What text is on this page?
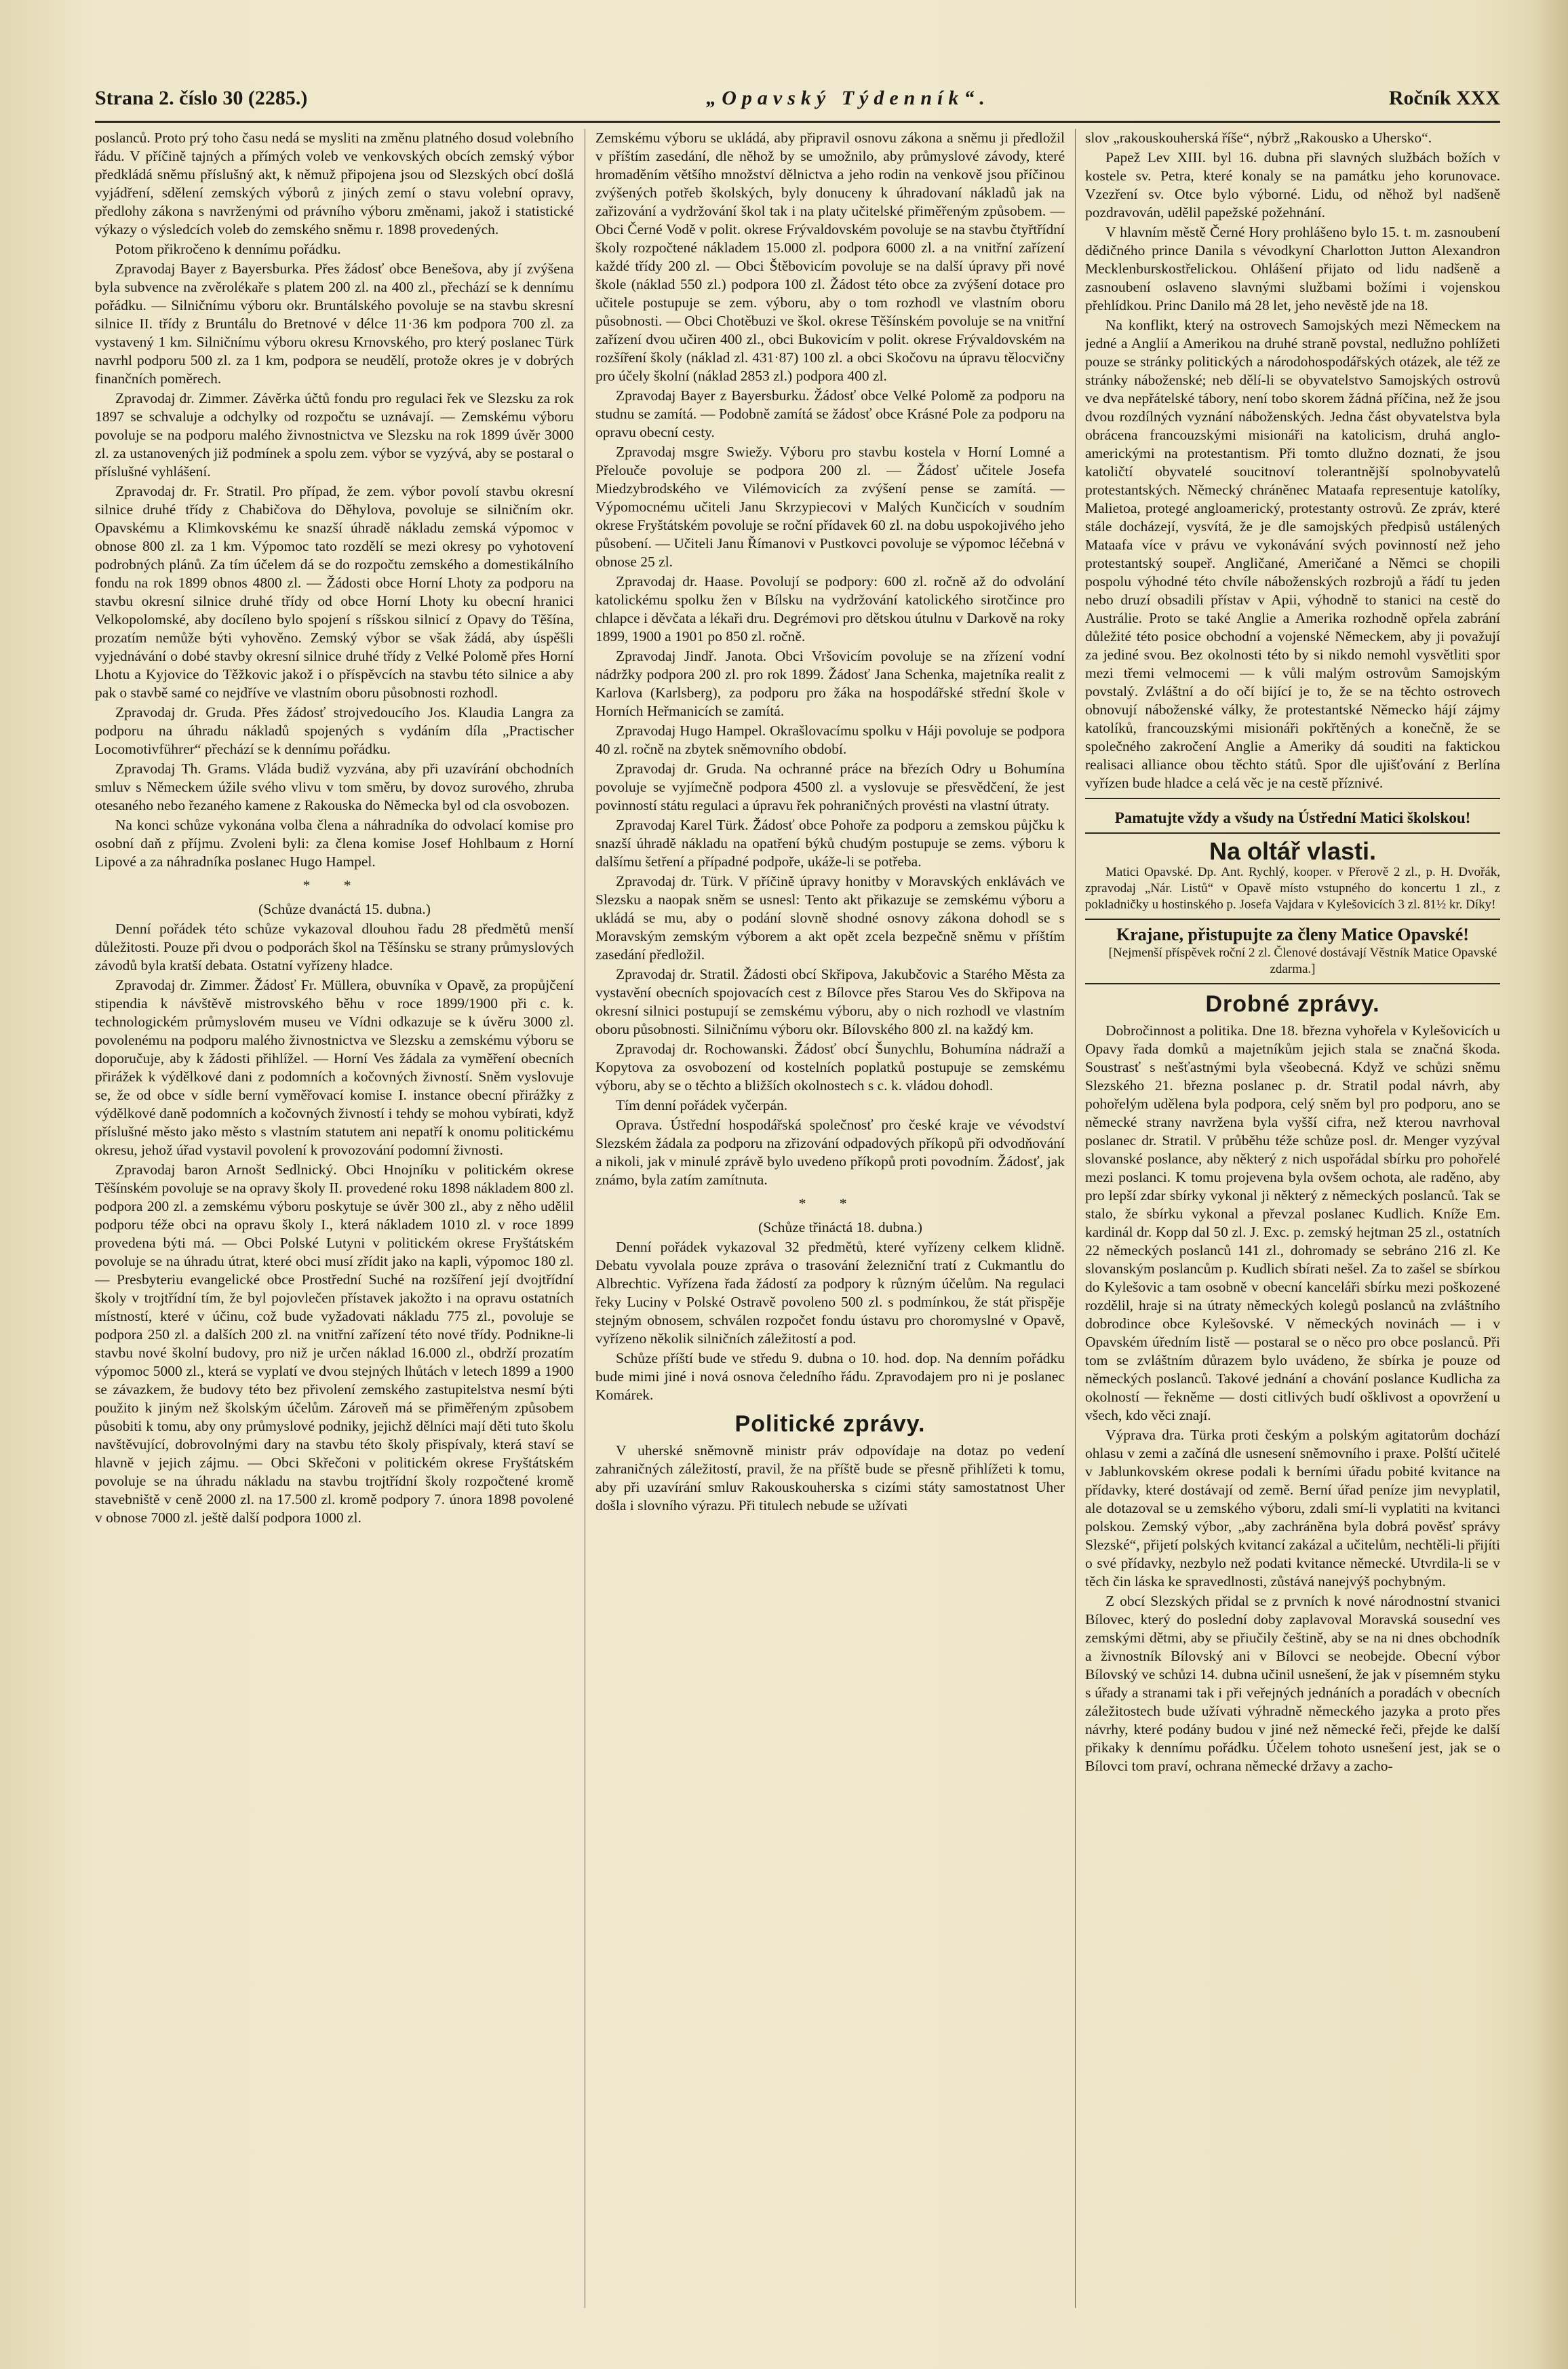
Strana 2. číslo 30 (2285.)	„Opavský Týdenník“.	Ročník XXX

poslanců. Proto prý toho času nedá se mysliti na změnu platného dosud volebního řádu. V příčině tajných a přímých voleb ve venkovských obcích zemský výbor předkládá sněmu příslušný akt, k němuž připojena jsou od Slezských obcí došlá vyjádření, sdělení zemských výborů z jiných zemí o stavu volební opravy, předlohy zákona s navrženými od právního výboru změnami, jakož i statistické výkazy o výsledcích voleb do zemského sněmu r. 1898 provedených.

Potom přikročeno k dennímu pořádku.

Zpravodaj Bayer z Bayersburka. Přes žádosť obce Benešova, aby jí zvýšena byla subvence na zvěrolékaře s platem 200 zl. na 400 zl., přechází se k dennímu pořádku. — Silničnímu výboru okr. Bruntálského povoluje se na stavbu skresní silnice II. třídy z Bruntálu do Bretnové v délce 11·36 km podpora 700 zl. za vystavený 1 km. Silničnímu výboru okresu Krnovského, pro který poslanec Türk navrhl podporu 500 zl. za 1 km, podpora se neudělí, protože okres je v dobrých finančních poměrech.

Zpravodaj dr. Zimmer. Závěrka účtů fondu pro regulaci řek ve Slezsku za rok 1897 se schvaluje a odchylky od rozpočtu se uznávají. — Zemskému výboru povoluje se na podporu malého živnostnictva ve Slezsku na rok 1899 úvěr 3000 zl. za ustanovených již podmínek a spolu zem. výbor se vyzývá, aby se postaral o příslušné vyhlášení.

Zpravodaj dr. Fr. Stratil. Pro případ, že zem. výbor povolí stavbu okresní silnice druhé třídy z Chabičova do Děhylova, povoluje se silničním okr. Opavskému a Klimkovskému ke snazší úhradě nákladu zemská výpomoc v obnose 800 zl. za 1 km. Výpomoc tato rozdělí se mezi okresy po vyhotovení podrobných plánů. Za tím účelem dá se do rozpočtu zemského a domestikálního fondu na rok 1899 obnos 4800 zl. — Žádosti obce Horní Lhoty za podporu na stavbu okresní silnice druhé třídy od obce Horní Lhoty ku obecní hranici Velkopolomské, aby docíleno bylo spojení s ríšskou silnicí z Opavy do Těšína, prozatím nemůže býti vyhověno. Zemský výbor se však žádá, aby úspěšli vyjednávání o dobé stavby okresní silnice druhé třídy z Velké Polomě přes Horní Lhotu a Kyjovice do Těžkovic jakož i o příspěvcích na stavbu této silnice a aby pak o stavbě samé co nejdříve ve vlastním oboru působnosti rozhodl.

Zpravodaj dr. Gruda. Přes žádosť strojvedoucího Jos. Klaudia Langra za podporu na úhradu nákladů spojených s vydáním díla „Practischer Locomotivführer“ přechází se k dennímu pořádku.

Zpravodaj Th. Grams. Vláda budiž vyzvána, aby při uzavírání obchodních smluv s Německem úžile svého vlivu v tom směru, by dovoz surového, zhruba otesaného nebo řezaného kamene z Rakouska do Německa byl od cla osvobozen.

Na konci schůze vykonána volba člena a náhradníka do odvolací komise pro osobní daň z příjmu. Zvoleni byli: za člena komise Josef Hohlbaum z Horní Lipové a za náhradníka poslanec Hugo Hampel.

* *

(Schůze dvanáctá 15. dubna.)

Denní pořádek této schůze vykazoval dlouhou řadu 28 předmětů menší důležitosti. Pouze při dvou o podporách škol na Těšínsku se strany průmyslových závodů byla kratší debata. Ostatní vyřízeny hladce.

Zpravodaj dr. Zimmer. Žádosť Fr. Müllera, obuvníka v Opavě, za propůjčení stipendia k návštěvě mistrovského běhu v roce 1899/1900 při c. k. technologickém průmyslovém museu ve Vídni odkazuje se k úvěru 3000 zl. povolenému na podporu malého živnostnictva ve Slezsku a zemskému výboru se doporučuje, aby k žádosti přihlížel. — Horní Ves žádala za vyměření obecních přirážek k výdělkové dani z podomních a kočovných živností. Sněm vyslovuje se, že od obce v sídle berní vyměřovací komise I. instance obecní přirážky z výdělkové daně podomních a kočovných živností i tehdy se mohou vybírati, když příslušné město jako město s vlastním statutem ani nepatří k onomu politickému okresu, jehož úřad vystavil povolení k provozování podomní živnosti.

Zpravodaj baron Arnošt Sedlnický. Obci Hnojníku v politickém okrese Těšínském povoluje se na opravy školy II. provedené roku 1898 nákladem 800 zl. podpora 200 zl. a zemskému výboru poskytuje se úvěr 300 zl., aby z něho udělil podporu téže obci na opravu školy I., která nákladem 1010 zl. v roce 1899 provedena býti má. — Obci Polské Lutyni v politickém okrese Fryštátském povoluje se na úhradu útrat, které obci musí zřídit jako na kapli, výpomoc 180 zl. — Presbyteriu evangelické obce Prostřední Suché na rozšíření její dvojtřídní školy v trojtřídní tím, že byl pojovlečen přístavek jakožto i na opravu ostatních místností, které v účinu, což bude vyžadovati nákladu 775 zl., povoluje se podpora 250 zl. a dalších 200 zl. na vnitřní zařízení této nové třídy. Podnikne-li stavbu nové školní budovy, pro niž je určen náklad 16.000 zl., obdrží prozatím výpomoc 5000 zl., která se vyplatí ve dvou stejných lhůtách v letech 1899 a 1900 se závazkem, že budovy této bez přivolení zemského zastupitelstva nesmí býti použito k jiným než školským účelům. Zároveň má se přiměřeným způsobem působiti k tomu, aby ony průmyslové podniky, jejichž dělníci mají děti tuto školu navštěvující, dobrovolnými dary na stavbu této školy přispívaly, která staví se hlavně v jejich zájmu. — Obci Skřečoni v politickém okrese Fryštátském povoluje se na úhradu nákladu na stavbu trojtřídní školy rozpočtené kromě stavebniště v ceně 2000 zl. na 17.500 zl. kromě podpory 7. února 1898 povolené v obnose 7000 zl. ještě další podpora 1000 zl.

Zemskému výboru se ukládá, aby připravil osnovu zákona a sněmu ji předložil v příštím zasedání, dle něhož by se umožnilo, aby průmyslové závody, které hromaděním většího množství dělnictva a jeho rodin na venkově jsou příčinou zvýšených potřeb školských, byly donuceny k úhradovaní nákladů jak na zařizování a vydržování škol tak i na platy učitelské přiměřeným způsobem. — Obci Černé Vodě v polit. okrese Frývaldovském povoluje se na stavbu čtyřtřídní školy rozpočtené nákladem 15.000 zl. podpora 6000 zl. a na vnitřní zařízení každé třídy 200 zl. — Obci Štěbovicím povoluje se na další úpravy při nové škole (náklad 550 zl.) podpora 100 zl. Žádost této obce za zvýšení dotace pro učitele postupuje se zem. výboru, aby o tom rozhodl ve vlastním oboru působnosti. — Obci Chotěbuzi ve škol. okrese Těšínském povoluje se na vnitřní zařízení dvou učiren 400 zl., obci Bukovicím v polit. okrese Frývaldovském na rozšíření školy (náklad zl. 431·87) 100 zl. a obci Skočovu na úpravu tělocvičny pro účely školní (náklad 2853 zl.) podpora 400 zl.

Zpravodaj Bayer z Bayersburku. Žádosť obce Velké Polomě za podporu na studnu se zamítá. — Podobně zamítá se žádosť obce Krásné Pole za podporu na opravu obecní cesty.

Zpravodaj msgre Swiežy. Výboru pro stavbu kostela v Horní Lomné a Přelouče povoluje se podpora 200 zl. — Žádosť učitele Josefa Miedzybrodského ve Vilémovicích za zvýšení pense se zamítá. — Výpomocnému učiteli Janu Skrzypiecovi v Malých Kunčicích v soudním okrese Fryštátském povoluje se roční přídavek 60 zl. na dobu uspokojivého jeho působení. — Učiteli Janu Římanovi v Pustkovci povoluje se výpomoc léčebná v obnose 25 zl.

Zpravodaj dr. Haase. Povolují se podpory: 600 zl. ročně až do odvolání katolickému spolku žen v Bílsku na vydržování katolického sirotčince pro chlapce i děvčata a lékaři dru. Degrémovi pro dětskou útulnu v Darkově na roky 1899, 1900 a 1901 po 850 zl. ročně.

Zpravodaj Jindř. Janota. Obci Vršovicím povoluje se na zřízení vodní nádržky podpora 200 zl. pro rok 1899. Žádosť Jana Schenka, majetníka realit z Karlova (Karlsberg), za podporu pro žáka na hospodářské střední škole v Horních Heřmanicích se zamítá.

Zpravodaj Hugo Hampel. Okrašlovacímu spolku v Háji povoluje se podpora 40 zl. ročně na zbytek sněmovního období.

Zpravodaj dr. Gruda. Na ochranné práce na březích Odry u Bohumína povoluje se vyjímečně podpora 4500 zl. a vyslovuje se přesvědčení, že jest povinností státu regulaci a úpravu řek pohraničných provésti na vlastní útraty.

Zpravodaj Karel Türk. Žádosť obce Pohoře za podporu a zemskou půjčku k snazší úhradě nákladu na opatření býků chudým postupuje se zems. výboru k dalšímu šetření a případné podpoře, ukáže-li se potřeba.

Zpravodaj dr. Türk. V příčině úpravy honitby v Moravských enklávách ve Slezsku a naopak sněm se usnesl: Tento akt přikazuje se zemskému výboru a ukládá se mu, aby o podání slovně shodné osnovy zákona dohodl se s Moravským zemským výborem a akt opět zcela bezpečně sněmu v příštím zasedání předložil.

Zpravodaj dr. Stratil. Žádosti obcí Skřipova, Jakubčovic a Starého Města za vystavění obecních spojovacích cest z Bílovce přes Starou Ves do Skřipova na okresní silnici postupují se zemskému výboru, aby o nich rozhodl ve vlastním oboru působnosti. Silničnímu výboru okr. Bílovského 800 zl. na každý km.

Zpravodaj dr. Rochowanski. Žádosť obcí Šunychlu, Bohumína nádraží a Kopytova za osvobození od kostelních poplatků postupuje se zemskému výboru, aby se o těchto a bližších okolnostech s c. k. vládou dohodl.

Tím denní pořádek vyčerpán.

Oprava. Ústřední hospodářská společnosť pro české kraje ve vévodství Slezském žádala za podporu na zřizování odpadových příkopů při odvodňování a nikoli, jak v minulé zprávě bylo uvedeno příkopů proti povodním. Žádosť, jak známo, byla zatím zamítnuta.

* *

(Schůze třináctá 18. dubna.)

Denní pořádek vykazoval 32 předmětů, které vyřízeny celkem klidně. Debatu vyvolala pouze zpráva o trasování železniční tratí z Cukmantlu do Albrechtic. Vyřízena řada žádostí za podpory k různým účelům. Na regulaci řeky Luciny v Polské Ostravě povoleno 500 zl. s podmínkou, že stát přispěje stejným obnosem, schválen rozpočet fondu ústavu pro choromyslné v Opavě, vyřízeno několik silničních záležitostí a pod.

Schůze příští bude ve středu 9. dubna o 10. hod. dop. Na denním pořádku bude mimi jiné i nová osnova čeledního řádu. Zpravodajem pro ni je poslanec Komárek.

Politické zprávy.

V uherské sněmovně ministr práv odpovídaje na dotaz po vedení zahraničných záležitostí, pravil, že na příště bude se přesně přihlížeti k tomu, aby při uzavírání smluv Rakouskouherska s cizími státy samostatnost Uher došla i slovního výrazu. Při titulech nebude se užívati

slov „rakouskouherská říše“, nýbrž „Rakousko a Uhersko“.

Papež Lev XIII. byl 16. dubna při slavných službách božích v kostele sv. Petra, které konaly se na památku jeho korunovace. Vzezření sv. Otce bylo výborné. Lidu, od něhož byl nadšeně pozdravován, udělil papežské požehnání.

V hlavním městě Černé Hory prohlášeno bylo 15. t. m. zasnoubení dědičného prince Danila s vévodkyní Charlotton Jutton Alexandron Mecklenburskostřelickou. Ohlášení přijato od lidu nadšeně a zasnoubení oslaveno slavnými službami božími i vojenskou přehlídkou. Princ Danilo má 28 let, jeho nevěstě jde na 18.

Na konflikt, který na ostrovech Samojských mezi Německem na jedné a Anglií a Amerikou na druhé straně povstal, nedlužno pohlížeti pouze se stránky politických a národohospodářských otázek, ale též ze stránky náboženské; neb dělí-li se obyvatelstvo Samojských ostrovů ve dva nepřátelské tábory, není tobo skorem žádná příčina, než že jsou dvou rozdílných vyznání náboženských. Jedna část obyvatelstva byla obrácena francouzskými misionáři na katolicism, druhá anglo-americkými na protestantism. Při tomto dlužno doznati, že jsou katoličtí obyvatelé soucitnoví tolerantnější spolnobyvatelů protestantských. Německý chráněnec Mataafa representuje katolíky, Malietoa, protegé angloamerický, protestanty ostrovů. Ze zpráv, které stále docházejí, vysvítá, že je dle samojských předpisů ustálených Mataafa více v právu ve vykonávání svých povinností než jeho protestantský soupeř. Angličané, Američané a Němci se chopili pospolu výhodné této chvíle náboženských rozbrojů a řádí tu jeden nebo druzí obsadili přístav v Apii, výhodně to stanici na cestě do Austrálie. Proto se také Anglie a Amerika rozhodně opřela zabrání důležité této posice obchodní a vojenské Německem, aby ji považují za jediné svou. Bez okolnosti této by si nikdo nemohl vysvětliti spor mezi třemi velmocemi — k vůli malým ostrovům Samojským povstalý. Zvláštní a do očí bijící je to, že se na těchto ostrovech obnovují náboženské války, že protestantské Německo hájí zájmy katolíků, francouzskými misionáři pokřtěných a konečně, že se společného zakročení Anglie a Ameriky dá souditi na faktickou realisaci alliance obou těchto států. Spor dle ujišťování z Berlína vyřízen bude hladce a celá věc je na cestě příznivé.

Pamatujte vždy a všudy na Ústřední Matici školskou!
Na oltář vlasti.

Matici Opavské. Dp. Ant. Rychlý, kooper. v Přerově 2 zl., p. H. Dvořák, zpravodaj „Nár. Listů“ v Opavě místo vstupného do koncertu 1 zl., z pokladničky u hostinského p. Josefa Vajdara v Kylešovicích 3 zl. 81½ kr. Díky!

Krajane, přistupujte za členy Matice Opavské!

[Nejmenší příspěvek roční 2 zl. Členové dostávají Věstník Matice Opavské zdarma.]

Drobné zprávy.

Dobročinnost a politika. Dne 18. března vyhořela v Kylešovicích u Opavy řada domků a majetníkům jejich stala se značná škoda. Soustrasť s nešťastnými byla všeobecná. Když ve schůzi sněmu Slezského 21. března poslanec p. dr. Stratil podal návrh, aby pohořelým udělena byla podpora, celý sněm byl pro podporu, ano se německé strany navržena byla vyšší cifra, než kterou navrhoval poslanec dr. Stratil. V průběhu téže schůze posl. dr. Menger vyzýval slovanské poslance, aby některý z nich uspořádal sbírku pro pohořelé mezi poslanci. K tomu projevena byla ovšem ochota, ale raděno, aby pro lepší zdar sbírky vykonal ji některý z německých poslanců. Tak se stalo, že sbírku vykonal a převzal poslanec Kudlich. Kníže Em. kardinál dr. Kopp dal 50 zl. J. Exc. p. zemský hejtman 25 zl., ostatních 22 německých poslanců 141 zl., dohromady se sebráno 216 zl. Ke slovanským poslancům p. Kudlich sbírati nešel. Za to zašel se sbírkou do Kylešovic a tam osobně v obecní kanceláři sbírku mezi poškozené rozdělil, hraje si na útraty německých kolegů poslanců na zvláštního dobrodince obce Kylešovské. V německých novinách — i v Opavském úředním listě — postaral se o něco pro obce poslanců. Při tom se zvláštním důrazem bylo uvádeno, že sbírka je pouze od německých poslanců. Takové jednání a chování poslance Kudlicha za okolností — řekněme — dosti citlivých budí ošklivost a opovržení u všech, kdo věci znají.

Výprava dra. Türka proti českým a polským agitatorům dochází ohlasu v zemi a začíná dle usnesení sněmovního i praxe. Polští učitelé v Jablunkovském okrese podali k berními úřadu pobité kvitance na přídavky, které dostávají od země. Berní úřad peníze jim nevyplatil, ale dotazoval se u zemského výboru, zdali smí-li vyplatiti na kvitanci polskou. Zemský výbor, „aby zachráněna byla dobrá pověsť správy Slezské“, přijetí polských kvitancí zakázal a učitelům, nechtěli-li přijíti o své přídavky, nezbylo než podati kvitance německé. Utvrdila-li se v těch čin láska ke spravedlnosti, zůstává nanejvýš pochybným.

Z obcí Slezských přidal se z prvních k nové národnostní stvanici Bílovec, který do poslední doby zaplavoval Moravská sousední ves zemskými dětmi, aby se přiučily češtině, aby se na ni dnes obchodník a živnostník Bílovský ani v Bílovci se neobejde. Obecní výbor Bílovský ve schůzi 14. dubna učinil usnešení, že jak v písemném styku s úřady a stranami tak i při veřejných jednáních a poradách v obecních záležitostech bude užívati výhradně německého jazyka a proto přes návrhy, které podány budou v jiné než německé řeči, přejde ke další přikaky k dennímu pořádku. Účelem tohoto usnešení jest, jak se o Bílovci tom praví, ochrana německé državy a zacho-
